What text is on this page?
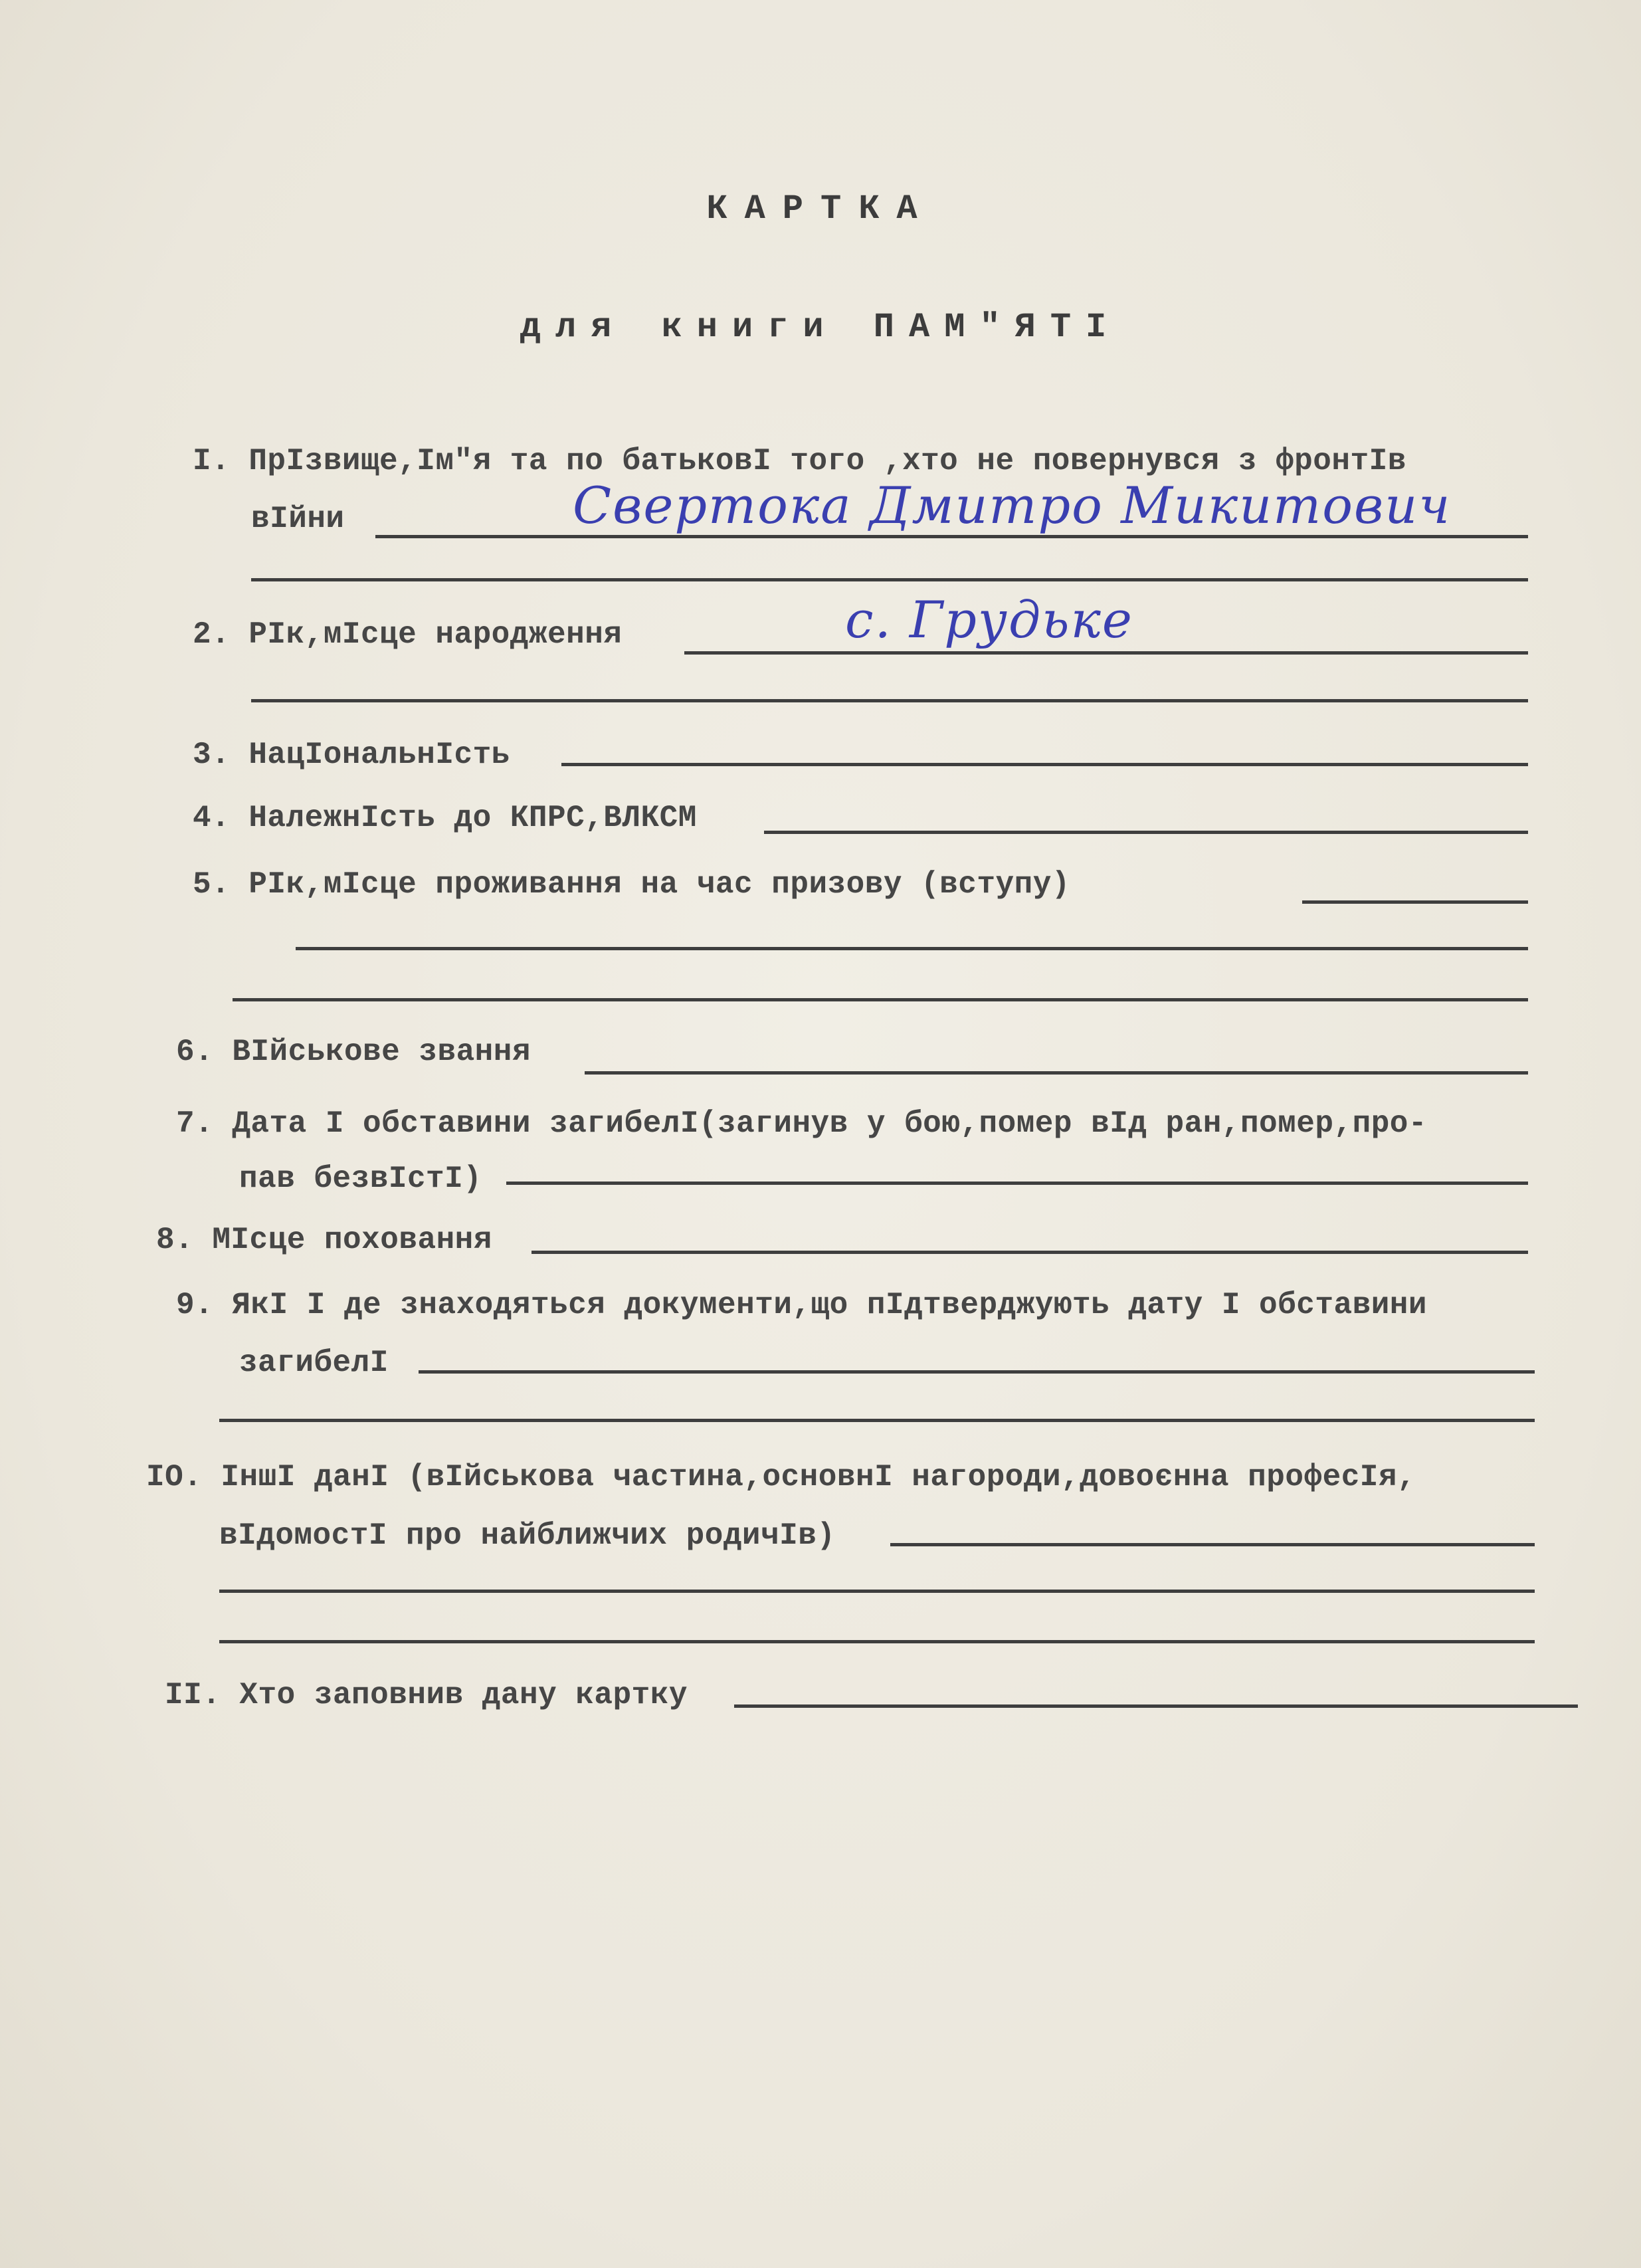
КАРТКА
для книги ПАМ"ЯТІ
І. ПрІзвище,Ім"я та по батьковІ того ,хто не повернувся з фронтІв
вІйни	Свертока Дмитро Микитович
2. РІк,мІсце народження	с. Грудьке
3. НацІональнІсть
4. НалежнІсть до КПРС,ВЛКСМ
5. РІк,мІсце проживання на час призову (вступу)
6. ВІйськове звання
7. Дата І обставини загибелІ(загинув у бою,помер вІд ран,помер,про-
пав безвІстІ)
8. МІсце поховання
9. ЯкІ І де знаходяться документи,що пІдтверджують дату І обставини
загибелІ
IO. ІншІ данІ (вІйськова частина,основнІ нагороди,довоєнна професІя,
вІдомостІ про найближчих родичІв)
II. Хто заповнив дану картку
